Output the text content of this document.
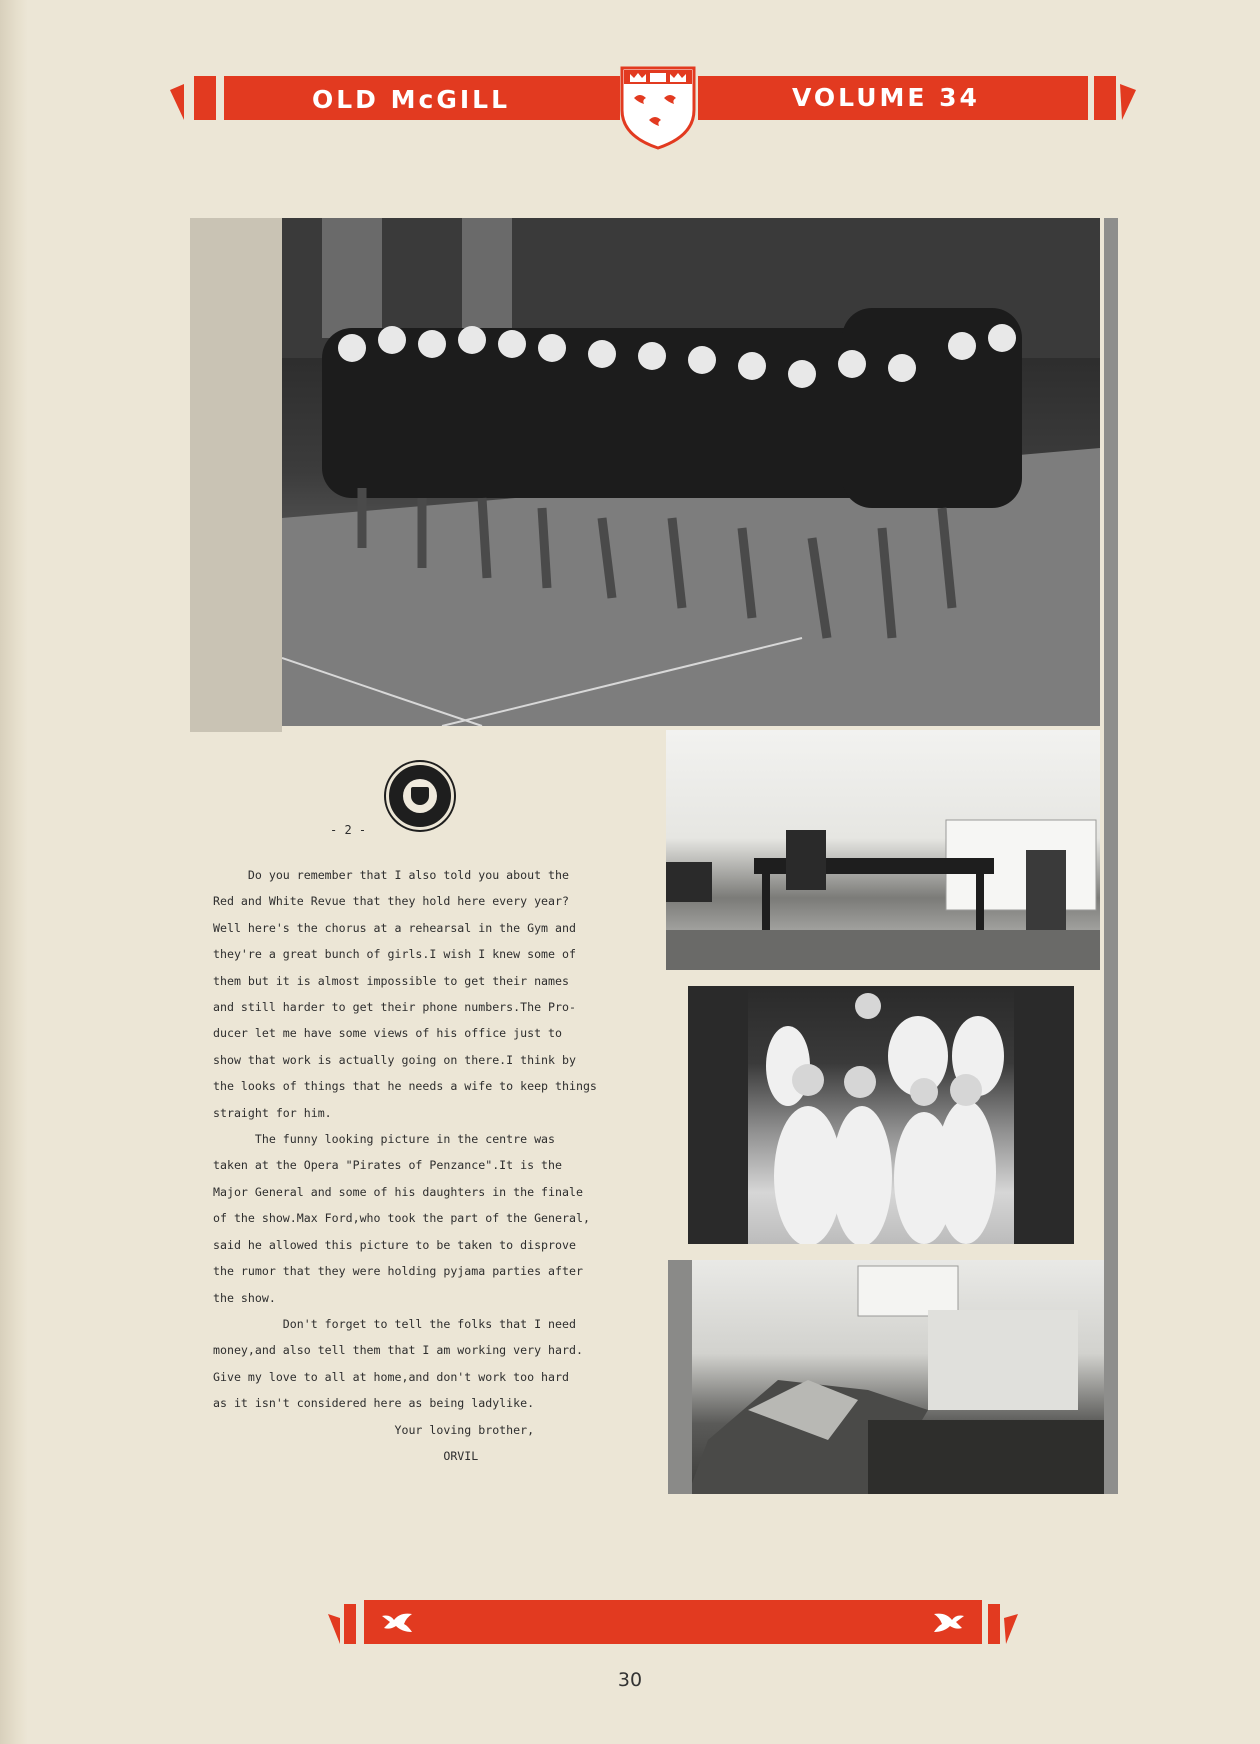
OLD McGILL	VOLUME 34
- 2 -

Do you remember that I also told you about the

Red and White Revue that they hold here every year?

Well here's the chorus at a rehearsal in the Gym and

they're a great bunch of girls.I wish I knew some of

them but it is almost impossible to get their names

and still harder to get their phone numbers.The Pro-

ducer let me have some views of his office just to

show that work is actually going on there.I think by

the looks of things that he needs a wife to keep things

straight for him.

The funny looking picture in the centre was

taken at the Opera "Pirates of Penzance".It is the

Major General and some of his daughters in the finale

of the show.Max Ford,who took the part of the General,

said he allowed this picture to be taken to disprove

the rumor that they were holding pyjama parties after

the show.

Don't forget to tell the folks that I need

money,and also tell them that I am working very hard.

Give my love to all at home,and don't work too hard

as it isn't considered here as being ladylike.

Your loving brother,

ORVIL

30
